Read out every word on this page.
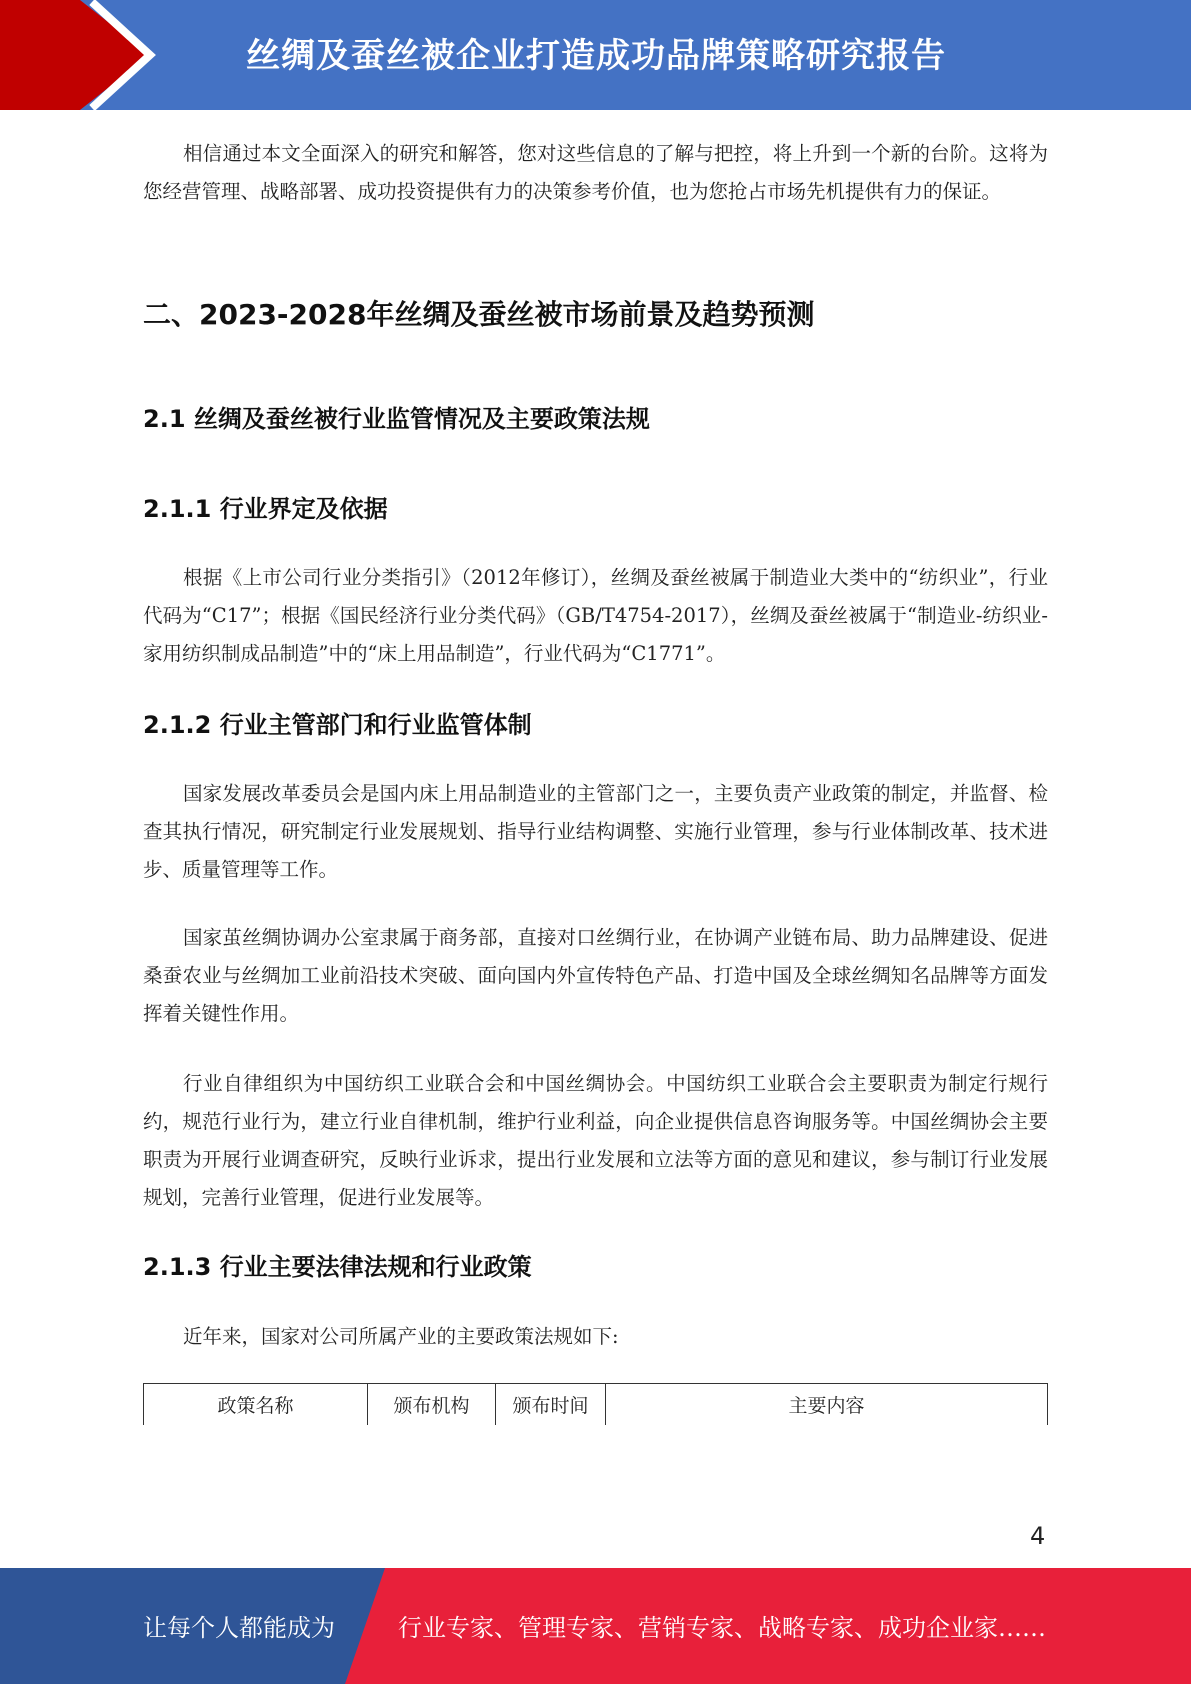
丝绸及蚕丝被企业打造成功品牌策略研究报告

相信通过本文全面深入的研究和解答，您对这些信息的了解与把控，将上升到一个新的台阶。这将为您经营管理、战略部署、成功投资提供有力的决策参考价值，也为您抢占市场先机提供有力的保证。

二、2023-2028年丝绸及蚕丝被市场前景及趋势预测
2.1 丝绸及蚕丝被行业监管情况及主要政策法规
2.1.1 行业界定及依据

根据《上市公司行业分类指引》（2012年修订），丝绸及蚕丝被属于制造业大类中的“纺织业”，行业代码为“C17”；根据《国民经济行业分类代码》（GB/T4754-2017），丝绸及蚕丝被属于“制造业-纺织业-家用纺织制成品制造”中的“床上用品制造”，行业代码为“C1771”。

2.1.2 行业主管部门和行业监管体制

国家发展改革委员会是国内床上用品制造业的主管部门之一，主要负责产业政策的制定，并监督、检查其执行情况，研究制定行业发展规划、指导行业结构调整、实施行业管理，参与行业体制改革、技术进步、质量管理等工作。

国家茧丝绸协调办公室隶属于商务部，直接对口丝绸行业，在协调产业链布局、助力品牌建设、促进桑蚕农业与丝绸加工业前沿技术突破、面向国内外宣传特色产品、打造中国及全球丝绸知名品牌等方面发挥着关键性作用。

行业自律组织为中国纺织工业联合会和中国丝绸协会。中国纺织工业联合会主要职责为制定行规行约，规范行业行为，建立行业自律机制，维护行业利益，向企业提供信息咨询服务等。中国丝绸协会主要职责为开展行业调查研究，反映行业诉求，提出行业发展和立法等方面的意见和建议，参与制订行业发展规划，完善行业管理，促进行业发展等。

2.1.3 行业主要法律法规和行业政策

近年来，国家对公司所属产业的主要政策法规如下:

政策名称	颁布机构	颁布时间	主要内容
4
让每个人都能成为	行业专家、管理专家、营销专家、战略专家、成功企业家……
